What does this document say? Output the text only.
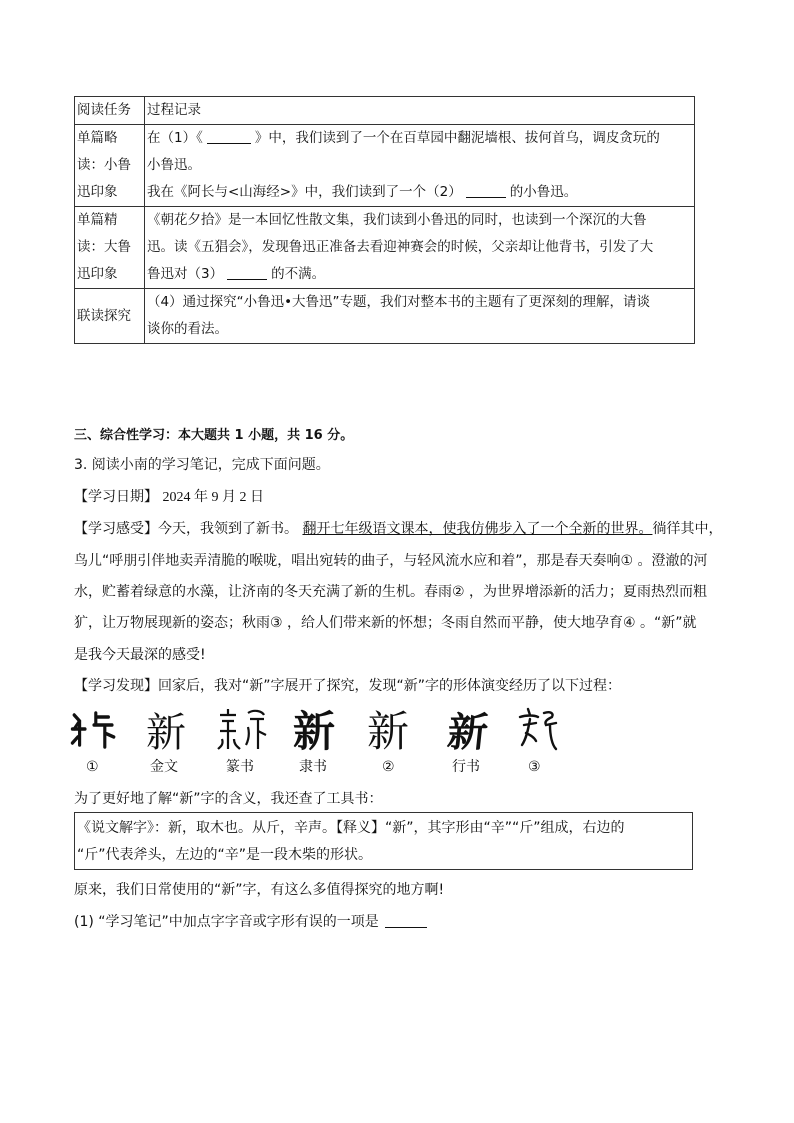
阅读任务	过程记录
单篇略读：小鲁迅印象	在（1）《 》中，我们读到了一个在百草园中翻泥墙根、拔何首乌，调皮贪玩的
小鲁迅。
我在《阿长与<山海经>》中，我们读到了一个（2） 的小鲁迅。

单篇精读：大鲁迅印象	《朝花夕拾》是一本回忆性散文集，我们读到小鲁迅的同时，也读到一个深沉的大鲁
迅。读《五猖会》，发现鲁迅正准备去看迎神赛会的时候，父亲却让他背书，引发了大
鲁迅对（3） 的不满。

联读探究	（4）通过探究“小鲁迅•大鲁迅”专题，我们对整本书的主题有了更深刻的理解，请谈
谈你的看法。
三、综合性学习：本大题共 1 小题，共 16 分。
3. 阅读小南的学习笔记，完成下面问题。
【学习日期】 2024 年 9 月 2 日
【学习感受】今天，我领到了新书。 翻开七年级语文课本，使我仿佛步入了一个全新的世界。徜徉其中，
鸟儿“呼朋引伴地卖弄清脆的喉咙，唱出宛转的曲子，与轻风流水应和着”，那是春天奏响① 。澄澈的河
水，贮蓄着绿意的水藻，让济南的冬天充满了新的生机。春雨② ，为世界增添新的活力；夏雨热烈而粗
犷，让万物展现新的姿态；秋雨③ ，给人们带来新的怀想；冬雨自然而平静，使大地孕育④ 。“新”就
是我今天最深的感受!
【学习发现】回家后，我对“新”字展开了探究，发现“新”字的形体演变经历了以下过程：
新	新 新 新
①	金文	篆书	隶书	②	行书	③
为了更好地了解“新”字的含义，我还查了工具书：
《说文解字》：新，取木也。从斤，辛声。【释义】“新”，其字形由“辛”“斤”组成，右边的
“斤”代表斧头，左边的“辛”是一段木柴的形状。
原来，我们日常使用的“新”字，有这么多值得探究的地方啊!
(1) “学习笔记”中加点字字音或字形有误的一项是
